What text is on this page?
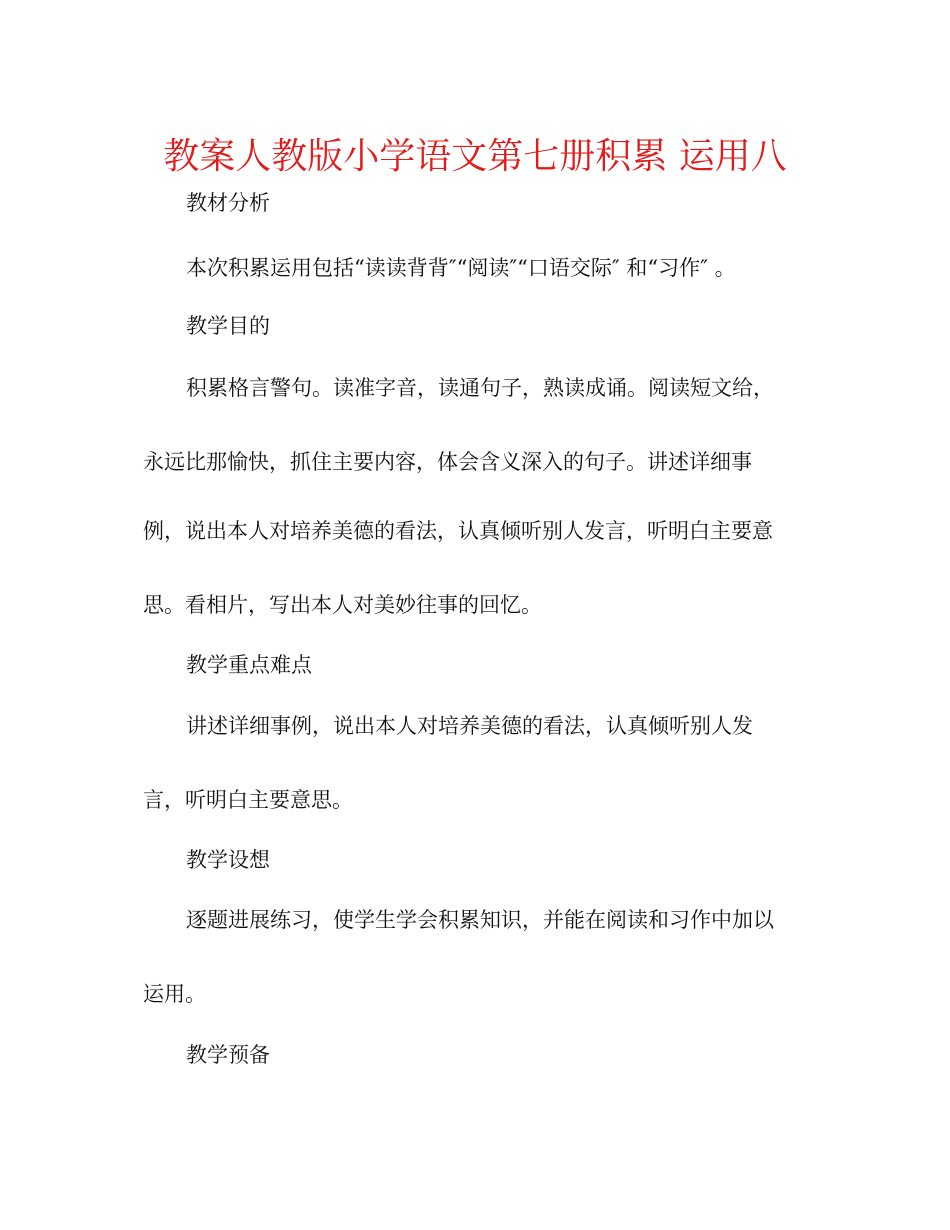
教案人教版小学语文第七册积累 运用八

教材分析

本次积累运用包括“读读背背″“阅读″“口语交际″ 和“习作″ 。

教学目的

积累格言警句。读准字音，读通句子，熟读成诵。阅读短文给，

永远比那愉快，抓住主要内容，体会含义深入的句子。讲述详细事

例，说出本人对培养美德的看法，认真倾听别人发言，听明白主要意

思。看相片，写出本人对美妙往事的回忆。

教学重点难点

讲述详细事例，说出本人对培养美德的看法，认真倾听别人发

言，听明白主要意思。

教学设想

逐题进展练习，使学生学会积累知识，并能在阅读和习作中加以

运用。

教学预备
